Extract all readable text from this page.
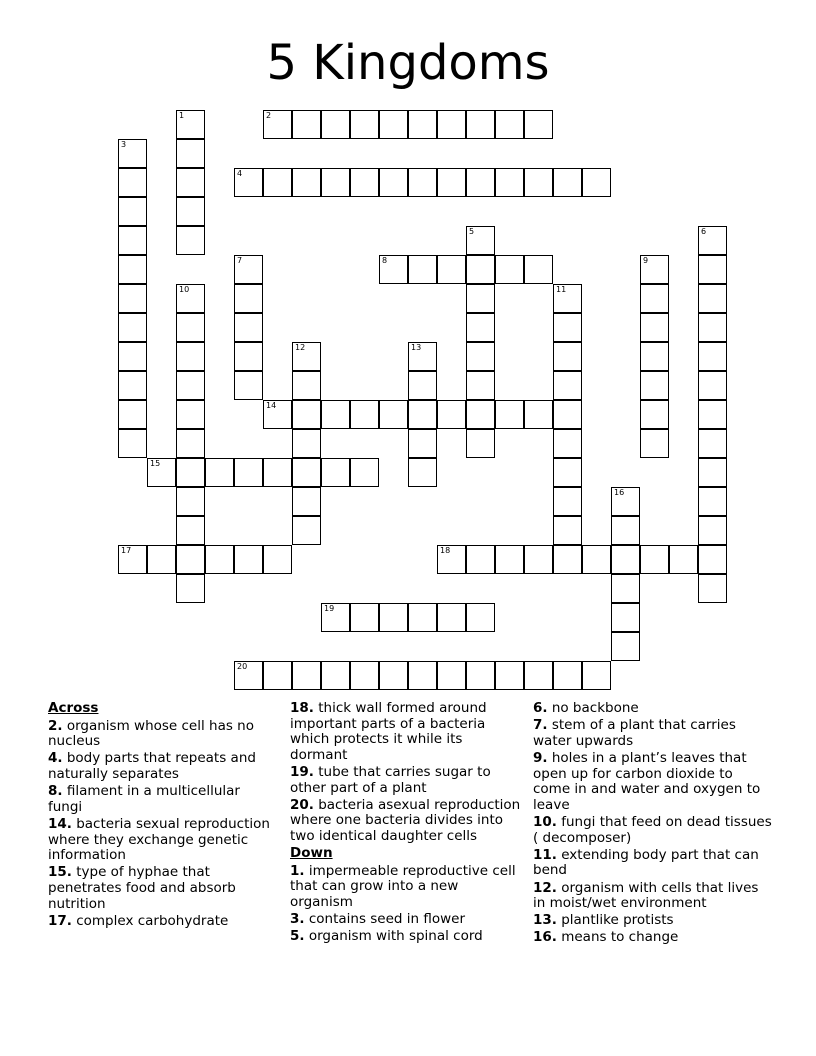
5 Kingdoms
1	2
3
4
5	6
7	8	9
10	11
12	13
14
15
16
17	18
19
20
Across
2. organism whose cell has no nucleus
4. body parts that repeats and naturally separates
8. filament in a multicellular fungi
14. bacteria sexual reproduction where they exchange genetic information
15. type of hyphae that penetrates food and absorb nutrition
17. complex carbohydrate
18. thick wall formed around important parts of a bacteria which protects it while its dormant
19. tube that carries sugar to other part of a plant
20. bacteria asexual reproduction where one bacteria divides into two identical daughter cells
Down
1. impermeable reproductive cell that can grow into a new organism
3. contains seed in flower
5. organism with spinal cord
6. no backbone
7. stem of a plant that carries water upwards
9. holes in a plant’s leaves that open up for carbon dioxide to come in and water and oxygen to leave
10. fungi that feed on dead tissues ( decomposer)
11. extending body part that can bend
12. organism with cells that lives in moist/wet environment
13. plantlike protists
16. means to change
